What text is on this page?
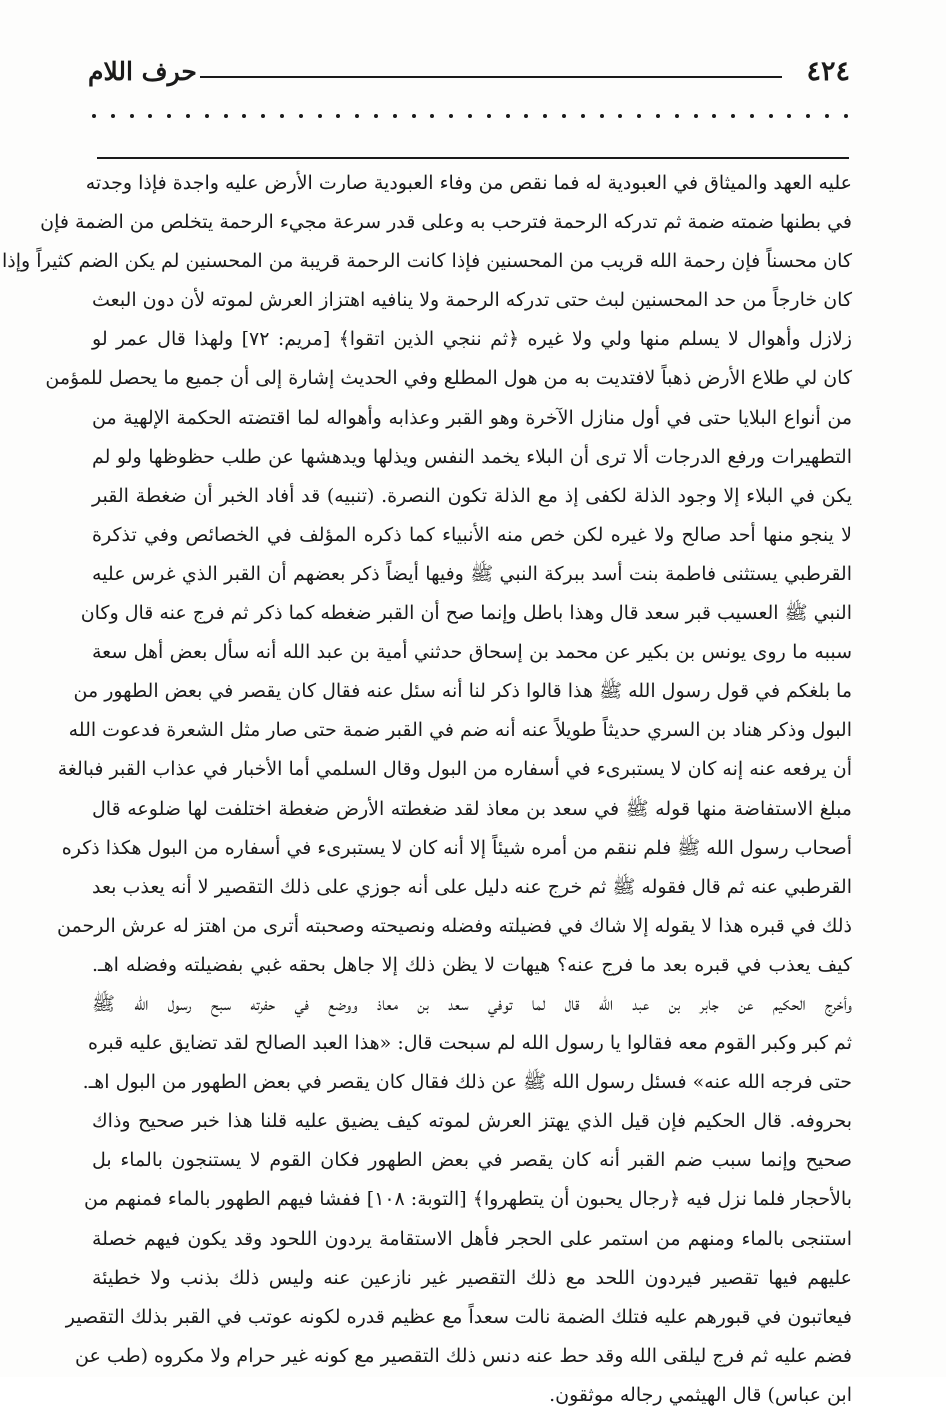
٤٢٤
حرف اللام
عليه العهد والميثاق في العبودية له فما نقص من وفاء العبودية صارت الأرض عليه واجدة فإذا وجدته
في بطنها ضمته ضمة ثم تدركه الرحمة فترحب به وعلى قدر سرعة مجيء الرحمة يتخلص من الضمة فإن
كان محسناً فإن رحمة الله قريب من المحسنين فإذا كانت الرحمة قريبة من المحسنين لم يكن الضم كثيراً وإذا
كان خارجاً من حد المحسنين لبث حتى تدركه الرحمة ولا ينافيه اهتزاز العرش لموته لأن دون البعث
زلازل وأهوال لا يسلم منها ولي ولا غيره ﴿ثم ننجي الذين اتقوا﴾ [مريم: ٧٢] ولهذا قال عمر لو
كان لي طلاع الأرض ذهباً لافتديت به من هول المطلع وفي الحديث إشارة إلى أن جميع ما يحصل للمؤمن
من أنواع البلايا حتى في أول منازل الآخرة وهو القبر وعذابه وأهواله لما اقتضته الحكمة الإلهية من
التطهيرات ورفع الدرجات ألا ترى أن البلاء يخمد النفس ويذلها ويدهشها عن طلب حظوظها ولو لم
يكن في البلاء إلا وجود الذلة لكفى إذ مع الذلة تكون النصرة. (تنبيه) قد أفاد الخبر أن ضغطة القبر
لا ينجو منها أحد صالح ولا غيره لكن خص منه الأنبياء كما ذكره المؤلف في الخصائص وفي تذكرة
القرطبي يستثنى فاطمة بنت أسد ببركة النبي ﷺ وفيها أيضاً ذكر بعضهم أن القبر الذي غرس عليه
النبي ﷺ العسيب قبر سعد قال وهذا باطل وإنما صح أن القبر ضغطه كما ذكر ثم فرج عنه قال وكان
سببه ما روى يونس بن بكير عن محمد بن إسحاق حدثني أمية بن عبد الله أنه سأل بعض أهل سعة
ما بلغكم في قول رسول الله ﷺ هذا قالوا ذكر لنا أنه سئل عنه فقال كان يقصر في بعض الطهور من
البول وذكر هناد بن السري حديثاً طويلاً عنه أنه ضم في القبر ضمة حتى صار مثل الشعرة فدعوت الله
أن يرفعه عنه إنه كان لا يستبرىء في أسفاره من البول وقال السلمي أما الأخبار في عذاب القبر فبالغة
مبلغ الاستفاضة منها قوله ﷺ في سعد بن معاذ لقد ضغطته الأرض ضغطة اختلفت لها ضلوعه قال
أصحاب رسول الله ﷺ فلم ننقم من أمره شيئاً إلا أنه كان لا يستبرىء في أسفاره من البول هكذا ذكره
القرطبي عنه ثم قال فقوله ﷺ ثم خرج عنه دليل على أنه جوزي على ذلك التقصير لا أنه يعذب بعد
ذلك في قبره هذا لا يقوله إلا شاك في فضيلته وفضله ونصيحته وصحبته أترى من اهتز له عرش الرحمن
كيف يعذب في قبره بعد ما فرج عنه؟ هيهات لا يظن ذلك إلا جاهل بحقه غبي بفضيلته وفضله اهـ.
وأخرج الحكيم عن جابر بن عبد الله قال لما توفي سعد بن معاذ ووضع في حفرته سبح رسول الله ﷺ
ثم كبر وكبر القوم معه فقالوا يا رسول الله لم سبحت قال: «هذا العبد الصالح لقد تضايق عليه قبره
حتى فرجه الله عنه» فسئل رسول الله ﷺ عن ذلك فقال كان يقصر في بعض الطهور من البول اهـ.
بحروفه. قال الحكيم فإن قيل الذي يهتز العرش لموته كيف يضيق عليه قلنا هذا خبر صحيح وذاك
صحيح وإنما سبب ضم القبر أنه كان يقصر في بعض الطهور فكان القوم لا يستنجون بالماء بل
بالأحجار فلما نزل فيه ﴿رجال يحبون أن يتطهروا﴾ [التوبة: ١٠٨] ففشا فيهم الطهور بالماء فمنهم من
استنجى بالماء ومنهم من استمر على الحجر فأهل الاستقامة يردون اللحود وقد يكون فيهم خصلة
عليهم فيها تقصير فيردون اللحد مع ذلك التقصير غير نازعين عنه وليس ذلك بذنب ولا خطيئة
فيعاتبون في قبورهم عليه فتلك الضمة نالت سعداً مع عظيم قدره لكونه عوتب في القبر بذلك التقصير
فضم عليه ثم فرج ليلقى الله وقد حط عنه دنس ذلك التقصير مع كونه غير حرام ولا مكروه (طب عن
ابن عباس) قال الهيثمي رجاله موثقون.
